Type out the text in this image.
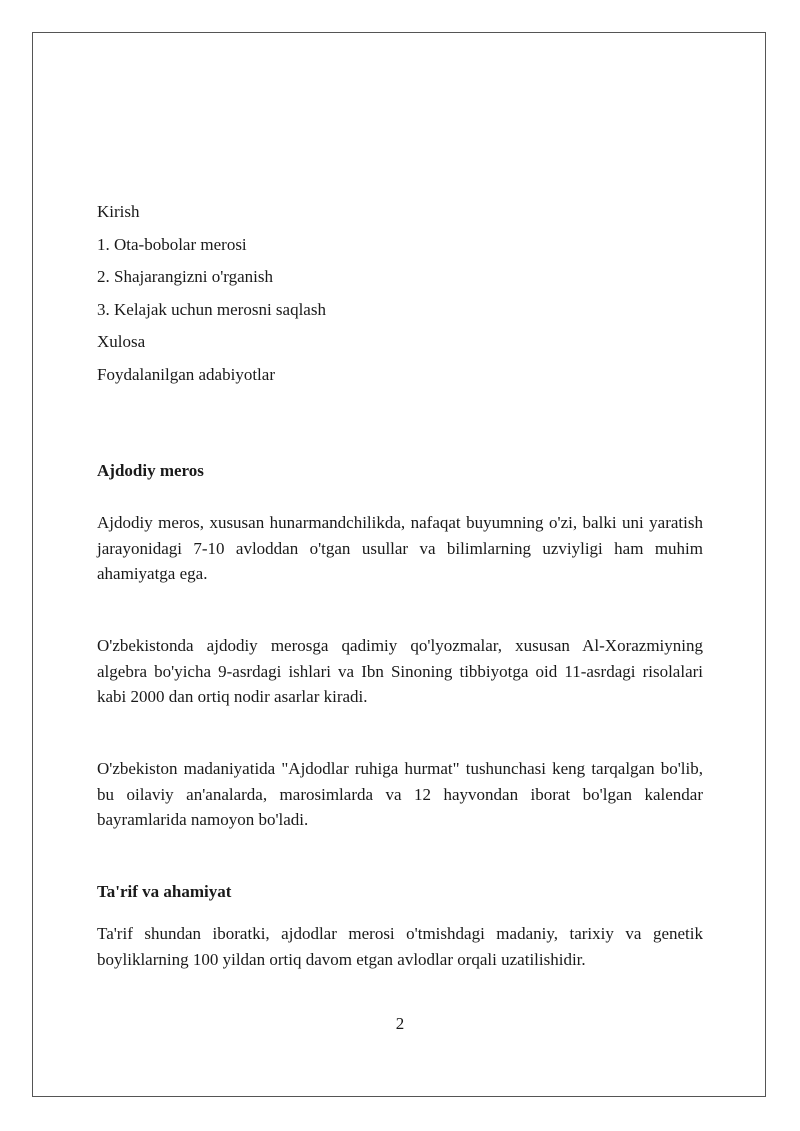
Kirish
1. Ota-bobolar merosi
2. Shajarangizni o'rganish
3. Kelajak uchun merosni saqlash
Xulosa
Foydalanilgan adabiyotlar
Ajdodiy meros

Ajdodiy meros, xususan hunarmandchilikda, nafaqat buyumning o'zi, balki uni yaratish jarayonidagi 7-10 avloddan o'tgan usullar va bilimlarning uzviyligi ham muhim ahamiyatga ega.

O'zbekistonda ajdodiy merosga qadimiy qo'lyozmalar, xususan Al-Xorazmiyning algebra bo'yicha 9-asrdagi ishlari va Ibn Sinoning tibbiyotga oid 11-asrdagi risolalari kabi 2000 dan ortiq nodir asarlar kiradi.

O'zbekiston madaniyatida "Ajdodlar ruhiga hurmat" tushunchasi keng tarqalgan bo'lib, bu oilaviy an'analarda, marosimlarda va 12 hayvondan iborat bo'lgan kalendar bayramlarida namoyon bo'ladi.

Ta'rif va ahamiyat

Ta'rif shundan iboratki, ajdodlar merosi o'tmishdagi madaniy, tarixiy va genetik boyliklarning 100 yildan ortiq davom etgan avlodlar orqali uzatilishidir.

2
